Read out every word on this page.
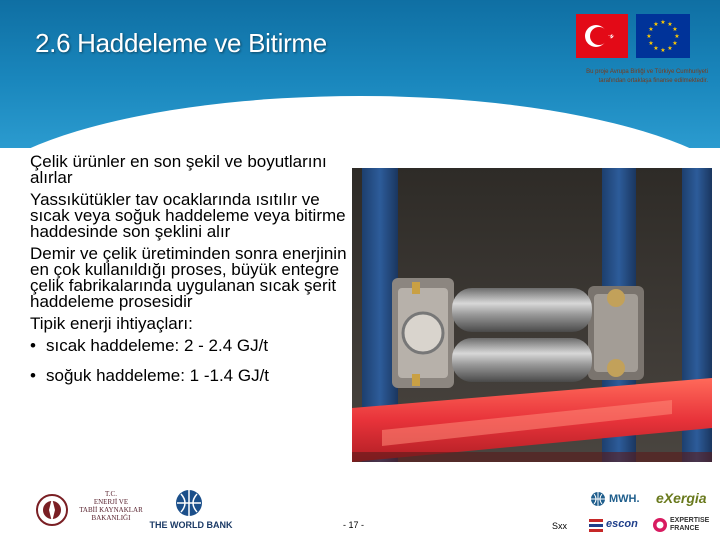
2.6 Haddeleme ve Bitirme
★ ★
★
★
★
★
★
★
★
★
★
★
Bu proje Avrupa Birliği ve Türkiye Cumhuriyeti
tarafından ortaklaşa finanse edilmektedir.

Çelik ürünler en son şekil ve boyutlarını alırlar

Yassıkütükler tav ocaklarında ısıtılır ve sıcak veya soğuk haddeleme veya bitirme haddesinde son şeklini alır

Demir ve çelik üretiminden sonra enerjinin en çok kullanıldığı proses, büyük entegre çelik fabrikalarında uygulanan sıcak şerit haddeleme prosesidir

Tipik enerji ihtiyaçları:

• sıcak haddeleme: 2 - 2.4 GJ/t
• soğuk haddeleme: 1 -1.4 GJ/t
T.C.
ENERJİ VE
TABİİ KAYNAKLAR
BAKANLIĞI
THE WORLD BANK	- 17 -	Sxx
MWH. eXergia
escon	EXPERTISE
FRANCE
